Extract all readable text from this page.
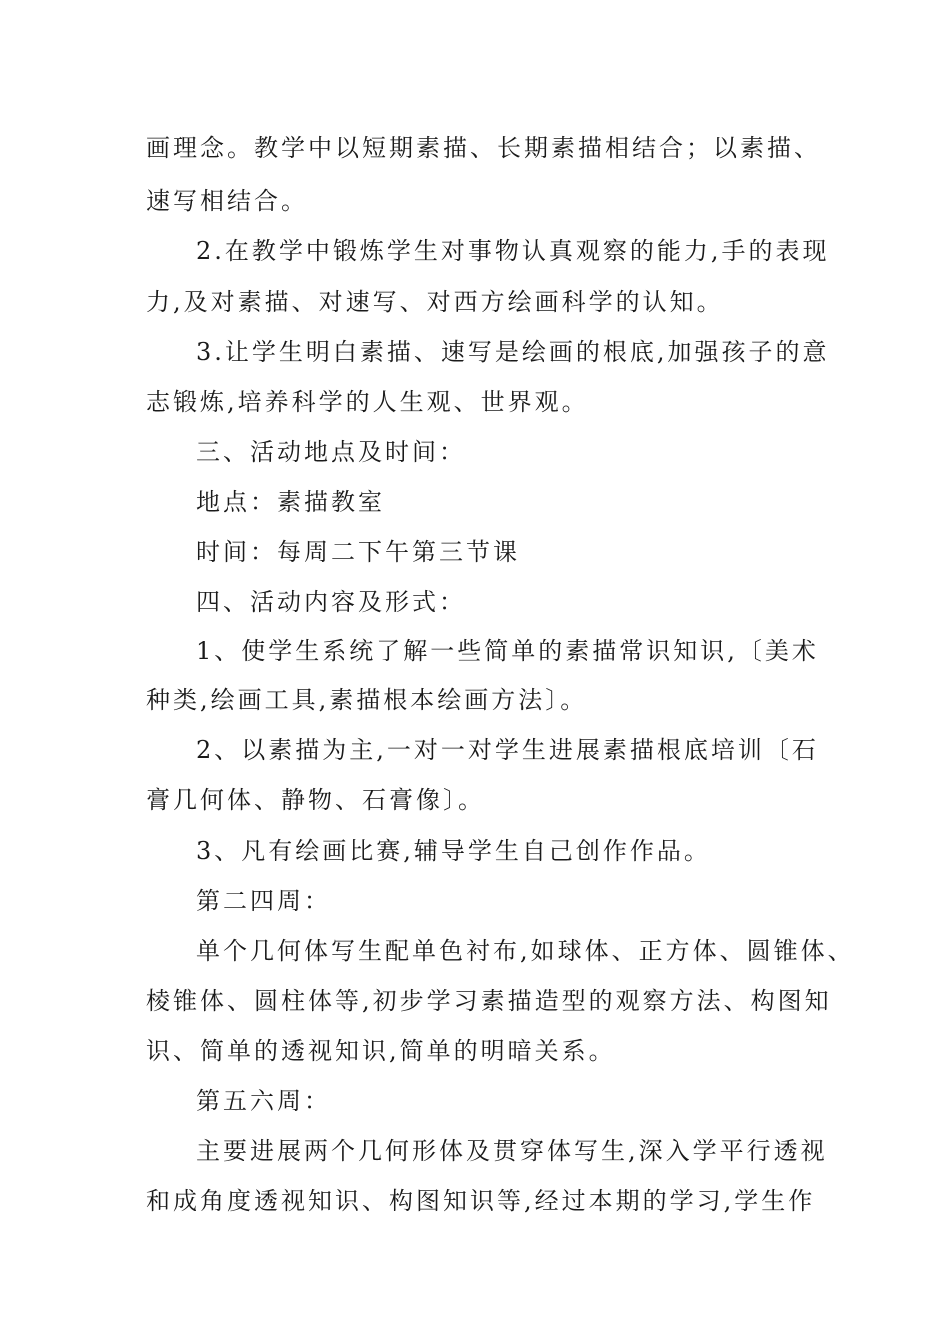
画理念。教学中以短期素描、长期素描相结合；以素描、
速写相结合。
2.在教学中锻炼学生对事物认真观察的能力,手的表现
力,及对素描、对速写、对西方绘画科学的认知。
3.让学生明白素描、速写是绘画的根底,加强孩子的意
志锻炼,培养科学的人生观、世界观。
三、活动地点及时间：
地点：素描教室
时间：每周二下午第三节课
四、活动内容及形式：
1、使学生系统了解一些简单的素描常识知识,〔美术
种类,绘画工具,素描根本绘画方法〕。
2、以素描为主,一对一对学生进展素描根底培训〔石
膏几何体、静物、石膏像〕。
3、凡有绘画比赛,辅导学生自己创作作品。
第二四周：
单个几何体写生配单色衬布,如球体、正方体、圆锥体、
棱锥体、圆柱体等,初步学习素描造型的观察方法、构图知
识、简单的透视知识,简单的明暗关系。
第五六周：
主要进展两个几何形体及贯穿体写生,深入学平行透视
和成角度透视知识、构图知识等,经过本期的学习,学生作
